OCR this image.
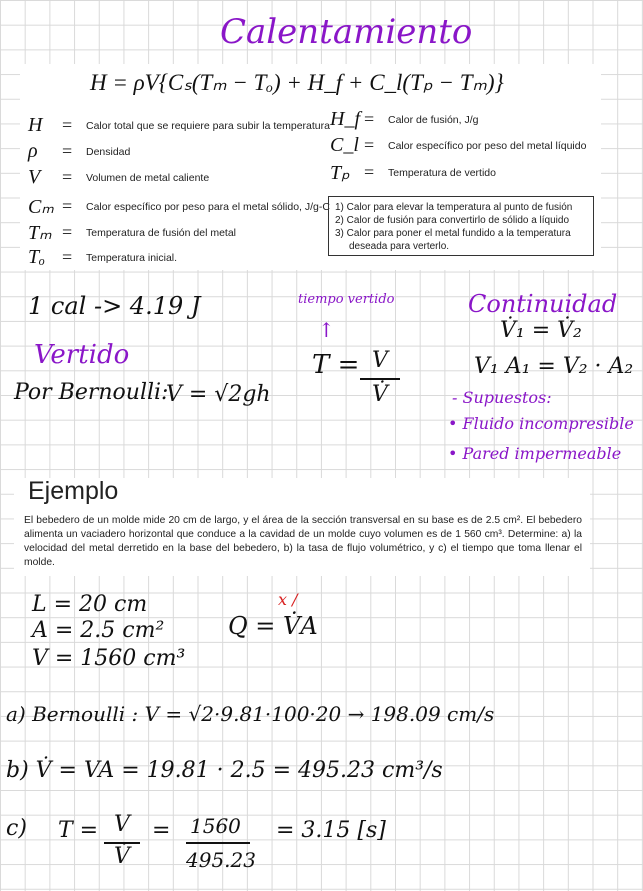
Calentamiento
H = ρV{Cₛ(Tₘ − Tₒ) + H_f + C_l(Tₚ − Tₘ)}
H	=	Calor total que se requiere para subir la temperatura
ρ	=	Densidad
V	=	Volumen de metal caliente
Cₘ =	Calor específico por peso para el metal sólido, J/g-C
Tₘ =	Temperatura de fusión del metal
Tₒ =	Temperatura inicial.
H_f =	Calor de fusión, J/g
C_l =	Calor específico por peso del metal líquido
Tₚ =	Temperatura de vertido
1) Calor para elevar la temperatura al punto de fusión
2) Calor de fusión para convertirlo de sólido a líquido
3) Calor para poner el metal fundido a la temperatura
deseada para verterlo.
1 cal -> 4.19 J
Vertido
Por Bernoulli:
V = √2gh
tiempo vertido
↑
T = V
V̇
Continuidad
V̇₁ = V̇₂
V₁ A₁ = V₂ · A₂
- Supuestos:
• Fluido incompresible
• Pared impermeable
Ejemplo
El bebedero de un molde mide 20 cm de largo, y el área de la sección transversal en su base es de 2.5 cm². El bebedero alimenta un vaciadero horizontal que conduce a la cavidad de un molde cuyo volumen es de 1 560 cm³. Determine: a) la velocidad del metal derretido en la base del bebedero, b) la tasa de flujo volumétrico, y c) el tiempo que toma llenar el molde.
L = 20 cm
A = 2.5 cm²
V = 1560 cm³
Q = V̇A
x /
a) Bernoulli : V = √2·9.81·100·20 → 198.09 cm/s
b) V̇ = VA = 19.81 · 2.5 = 495.23 cm³/s
c) T = V
V̇
= 1560
495.23
= 3.15 [s]
